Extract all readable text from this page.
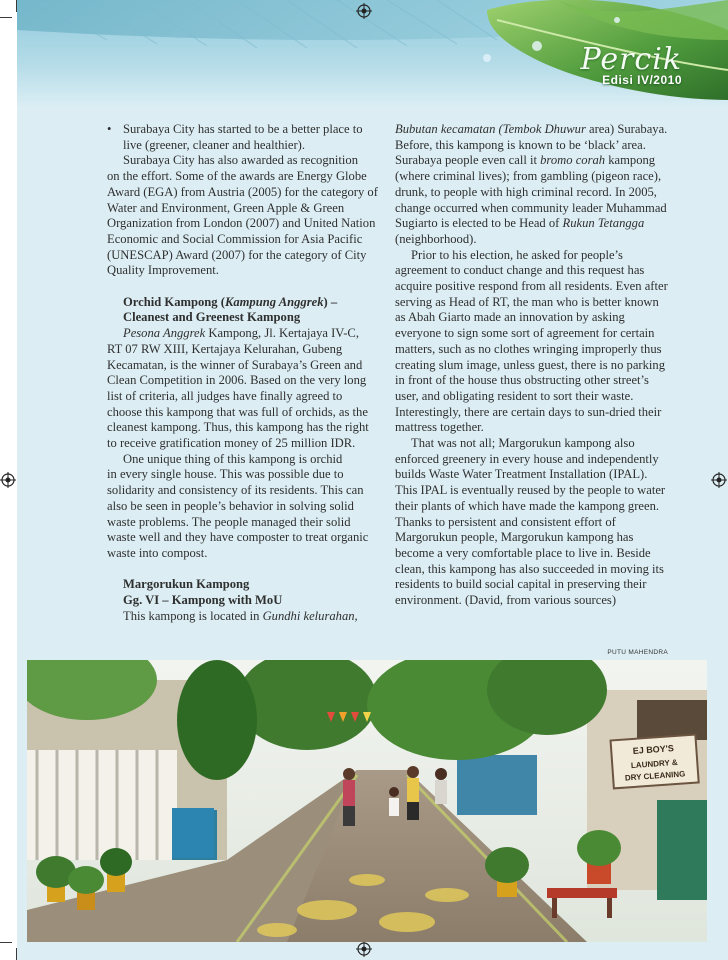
Percik
Edisi IV/2010
• Surabaya City has started to be a better place to live (greener, cleaner and healthier).

Surabaya City has also awarded as recognition

on the effort. Some of the awards are Energy Globe Award (EGA) from Austria (2005) for the category of Water and Environment, Green Apple & Green Organization from London (2007) and United Nation Economic and Social Commission for Asia Pacific (UNESCAP) Award (2007) for the category of City Quality Improvement.

Orchid Kampong (Kampung Anggrek) –

Cleanest and Greenest Kampong

Pesona Anggrek Kampong, Jl. Kertajaya IV-C,

RT 07 RW XIII, Kertajaya Kelurahan, Gubeng Kecamatan, is the winner of Surabaya’s Green and Clean Competition in 2006. Based on the very long list of criteria, all judges have finally agreed to choose this kampong that was full of orchids, as the cleanest kampong. Thus, this kampong has the right to receive gratification money of 25 million IDR.

One unique thing of this kampong is orchid

in every single house. This was possible due to solidarity and consistency of its residents. This can also be seen in people’s behavior in solving solid waste problems. The people managed their solid waste well and they have composter to treat organic waste into compost.

Margorukun Kampong

Gg. VI – Kampong with MoU

This kampong is located in Gundhi kelurahan,

Bubutan kecamatan (Tembok Dhuwur area) Surabaya. Before, this kampong is known to be ‘black’ area. Surabaya people even call it bromo corah kampong (where criminal lives); from gambling (pigeon race), drunk, to people with high criminal record. In 2005, change occurred when community leader Muhammad Sugiarto is elected to be Head of Rukun Tetangga (neighborhood).

Prior to his election, he asked for people’s agreement to conduct change and this request has acquire positive respond from all residents. Even after serving as Head of RT, the man who is better known as Abah Giarto made an innovation by asking everyone to sign some sort of agreement for certain matters, such as no clothes wringing improperly thus creating slum image, unless guest, there is no parking in front of the house thus obstructing other street’s user, and obligating resident to sort their waste. Interestingly, there are certain days to sun-dried their mattress together.

That was not all; Margorukun kampong also enforced greenery in every house and independently builds Waste Water Treatment Installation (IPAL). This IPAL is eventually reused by the people to water their plants of which have made the kampong green. Thanks to persistent and consistent effort of Margorukun people, Margorukun kampong has become a very comfortable place to live in. Beside clean, this kampong has also succeeded in moving its residents to build social capital in preserving their environment. (David, from various sources)

PUTU MAHENDRA
EJ BOY'S
LAUNDRY &
DRY CLEANING
